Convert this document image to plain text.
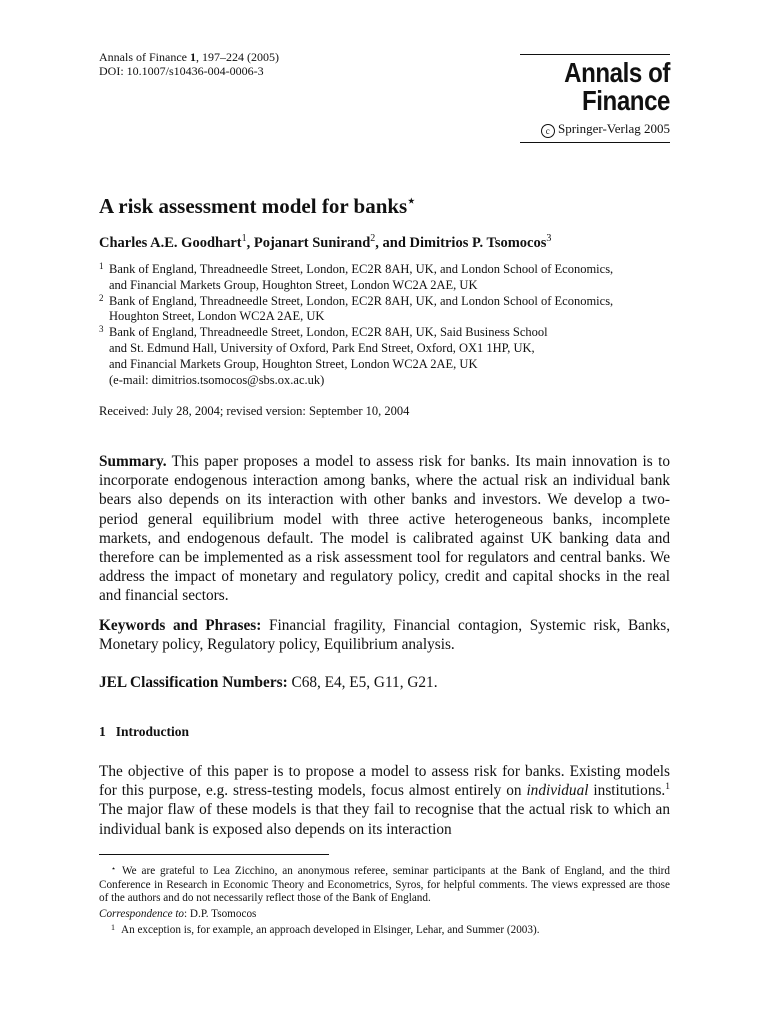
Annals of Finance 1, 197–224 (2005)
DOI: 10.1007/s10436-004-0006-3	Annals of
Finance
c Springer-Verlag 2005
A risk assessment model for banks⋆
Charles A.E. Goodhart$^1$, Pojanart Sunirand$^2$, and Dimitrios P. Tsomocos$^3$
1 Bank of England, Threadneedle Street, London, EC2R 8AH, UK, and London School of Economics,
and Financial Markets Group, Houghton Street, London WC2A 2AE, UK
2 Bank of England, Threadneedle Street, London, EC2R 8AH, UK, and London School of Economics,
Houghton Street, London WC2A 2AE, UK
3 Bank of England, Threadneedle Street, London, EC2R 8AH, UK, Said Business School
and St. Edmund Hall, University of Oxford, Park End Street, Oxford, OX1 1HP, UK,
and Financial Markets Group, Houghton Street, London WC2A 2AE, UK
(e-mail: dimitrios.tsomocos@sbs.ox.ac.uk)
Received: July 28, 2004; revised version: September 10, 2004
Summary. This paper proposes a model to assess risk for banks. Its main innovation is to incorporate endogenous interaction among banks, where the actual risk an individual bank bears also depends on its interaction with other banks and investors. We develop a two-period general equilibrium model with three active heterogeneous banks, incomplete markets, and endogenous default. The model is calibrated against UK banking data and therefore can be implemented as a risk assessment tool for regulators and central banks. We address the impact of monetary and regulatory policy, credit and capital shocks in the real and financial sectors.
Keywords and Phrases: Financial fragility, Financial contagion, Systemic risk, Banks, Monetary policy, Regulatory policy, Equilibrium analysis.
JEL Classification Numbers: C68, E4, E5, G11, G21.
1 Introduction
The objective of this paper is to propose a model to assess risk for banks. Existing models for this purpose, e.g. stress-testing models, focus almost entirely on individual institutions.$^1$ The major flaw of these models is that they fail to recognise that the actual risk to which an individual bank is exposed also depends on its interaction
⋆ We are grateful to Lea Zicchino, an anonymous referee, seminar participants at the Bank of England, and the third Conference in Research in Economic Theory and Econometrics, Syros, for helpful comments. The views expressed are those of the authors and do not necessarily reflect those of the Bank of England.
Correspondence to: D.P. Tsomocos
$^1$ An exception is, for example, an approach developed in Elsinger, Lehar, and Summer (2003).
